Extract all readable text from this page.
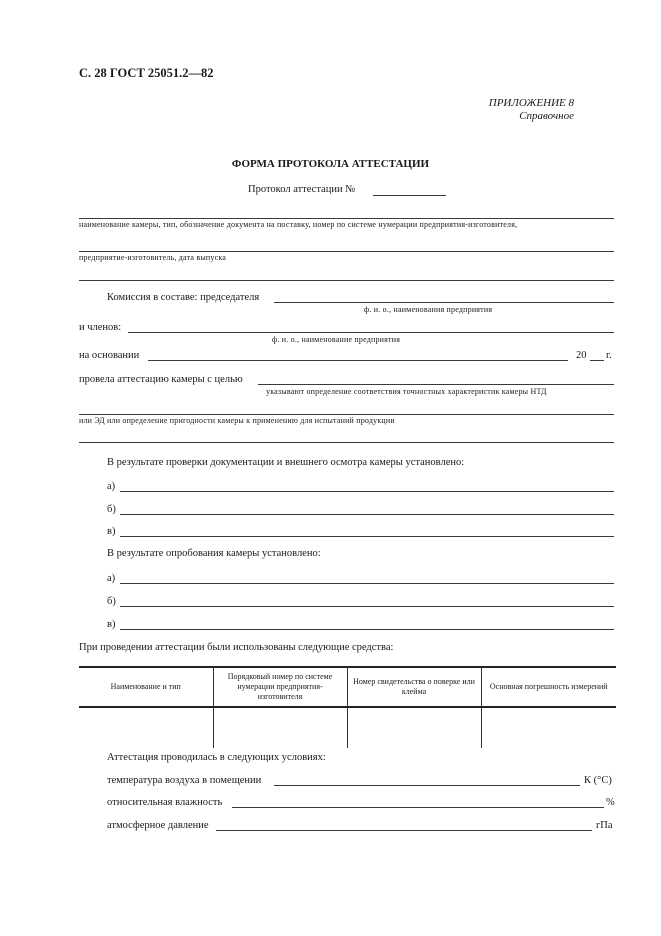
С. 28 ГОСТ 25051.2—82
ПРИЛОЖЕНИЕ 8
Справочное
ФОРМА ПРОТОКОЛА АТТЕСТАЦИИ
Протокол аттестации №
наименование камеры, тип, обозначение документа на поставку, номер по системе нумерации предприятия-изготовителя,
предприятие-изготовитель, дата выпуска
Комиссия в составе: председателя
ф. и. о., наименования предприятия
и членов:
ф. и. о., наименование предприятия
на основании	20 г.
провела аттестацию камеры с целью
указывают определение соответствия точностных характеристик камеры НТД
или ЭД или определение пригодности камеры к применению для испытаний продукции
В результате проверки документации и внешнего осмотра камеры установлено:
а)
б)
в)
В результате опробования камеры установлено:
а)
б)
в)
При проведении аттестации были использованы следующие средства:
Наименование и тип	Порядковый номер по системе нумерации предприятия-изготовителя	Номер свидетельства о поверке или клейма	Основная погрешность измерений

Аттестация проводилась в следующих условиях:
температура воздуха в помещении	К (°С)
относительная влажность	%
атмосферное давление	гПа
